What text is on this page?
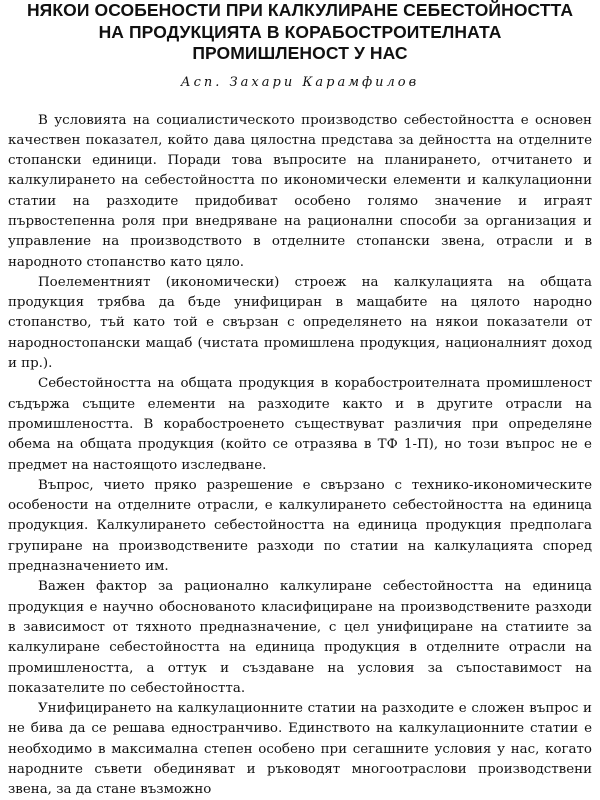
НЯКОИ ОСОБЕНОСТИ ПРИ КАЛКУЛИРАНЕ СЕБЕСТОЙНОСТТА
НА ПРОДУКЦИЯТА В КОРАБОСТРОИТЕЛНАТА
ПРОМИШЛЕНОСТ У НАС
Асп. Захари Карамфилов

В условията на социалистическото производство себестойността е основен качествен показател, който дава цялостна представа за дейността на отделните стопански единици. Поради това въпросите на планирането, отчитането и калкулирането на себестойността по икономически елементи и калкулационни статии на разходите придобиват особено голямо значение и играят първостепенна роля при внедряване на рационални способи за организация и управление на производството в отделните стопански звена, отрасли и в народното стопанство като цяло.

Поелементният (икономически) строеж на калкулацията на общата продукция трябва да бъде унифициран в мащабите на цялото народно стопанство, тъй като той е свързан с определянето на някои показатели от народностопански мащаб (чистата промишлена продукция, националният доход и пр.).

Себестойността на общата продукция в корабостроителната промишленост съдържа същите елементи на разходите както и в другите отрасли на промишлеността. В корабостроенето съществуват различия при определяне обема на общата продукция (който се отразява в ТФ 1-П), но този въпрос не е предмет на настоящото изследване.

Въпрос, чието пряко разрешение е свързано с технико-икономическите особености на отделните отрасли, е калкулирането себестойността на единица продукция. Калкулирането себестойността на единица продукция предполага групиране на производствените разходи по статии на калкулацията според предназначението им.

Важен фактор за рационално калкулиране себестойността на единица продукция е научно обоснованото класифициране на производствените разходи в зависимост от тяхното предназначение, с цел унифициране на статиите за калкулиране себестойността на единица продукция в отделните отрасли на промишлеността, а оттук и създаване на условия за съпоставимост на показателите по себестойността.

Унифицирането на калкулационните статии на разходите е сложен въпрос и не бива да се решава едностранчиво. Единството на калкулационните статии е необходимо в максимална степен особено при сегашните условия у нас, когато народните съвети обединяват и ръководят многоотраслови производствени звена, за да стане възможно
